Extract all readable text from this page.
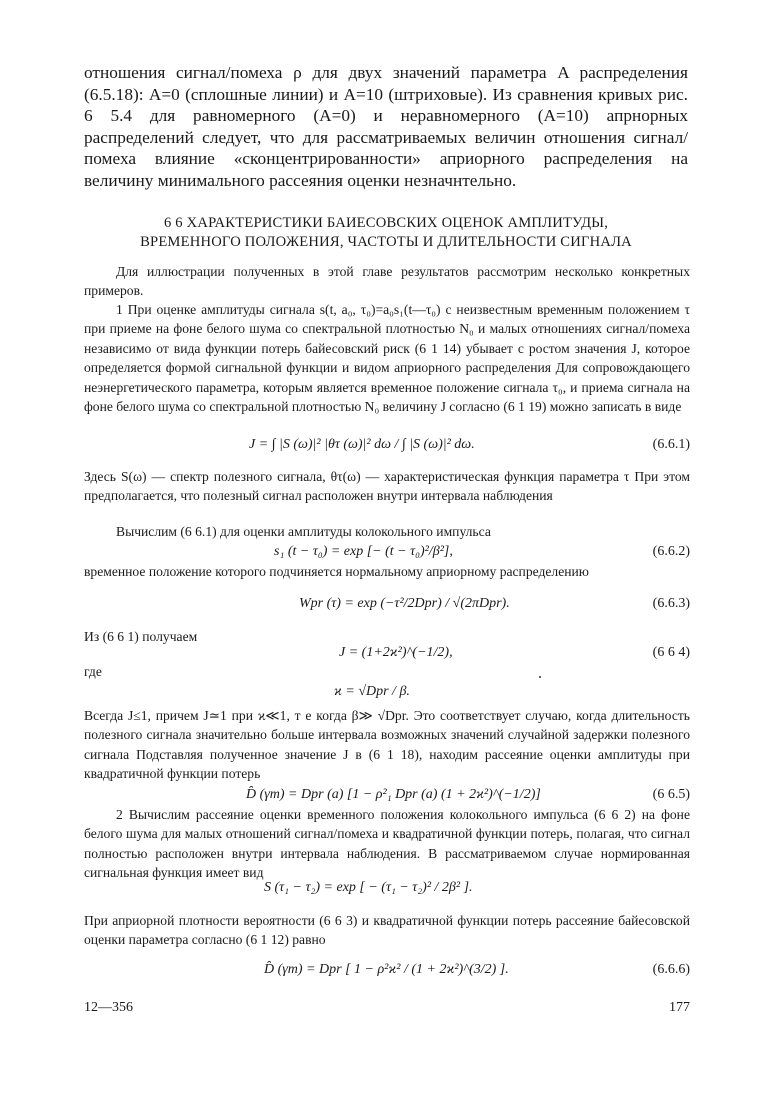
отношения сигнал/помеха ρ для двух значений параметра A распределения (6.5.18): A=0 (сплошные линии) и A=10 (штриховые). Из сравнения кривых рис. 6 5.4 для равномерного (A=0) и неравномерного (A=10) апрнорных распределений следует, что для рассматриваемых величин отношения сигнал/помеха влияние «сконцентрированности» априорного распределения на величину минимального рассеяния оценки незначнтельно.
6 6 ХАРАКТЕРИСТИКИ БАИЕСОВСКИХ ОЦЕНОК АМПЛИТУДЫ,
ВРЕМЕННОГО ПОЛОЖЕНИЯ, ЧАСТОТЫ И ДЛИТЕЛЬНОСТИ СИГНАЛА
Для иллюстрации полученных в этой главе результатов рассмотрим несколько конкретных примеров.
1 При оценке амплитуды сигнала s(t, a₀, τ₀)=a₀s₁(t—τ₀) с неизвестным временным положением τ при приеме на фоне белого шума со спектральной плотностью N₀ и малых отношениях сигнал/помеха независимо от вида функции потерь байесовский риск (6 1 14) убывает с ростом значения J, которое определяется формой сигнальной функции и видом априорного распределения Для сопровождающего неэнергетического параметра, которым является временное положение сигнала τ₀, и приема сигнала на фоне белого шума со спектральной плотностью N₀ величину J согласно (6 1 19) можно записать в виде
J = ∫ |S (ω)|² |θτ (ω)|² dω / ∫ |S (ω)|² dω.	(6.6.1)
Здесь S(ω) — спектр полезного сигнала, θτ(ω) — характеристическая функция параметра τ При этом предполагается, что полезный сигнал расположен внутри интервала наблюдения
Вычислим (6 6.1) для оценки амплитуды колокольного импульса
s₁ (t − τ₀) = exp [− (t − τ₀)²/β²],	(6.6.2)
временное положение которого подчиняется нормальному априорному распределению
Wpr (τ) = exp (−τ²/2Dpr) / √(2πDpr).	(6.6.3)
Из (6 6 1) получаем
J = (1+2ϰ²)^(−1/2),	(6 6 4)
где
ϰ = √Dpr / β.
Всегда J≤1, причем J≃1 при ϰ≪1, т е когда β≫ √Dpr. Это соответствует случаю, когда длительность полезного сигнала значительно больше интервала возможных значений случайной задержки полезного сигнала Подставляя полученное значение J в (6 1 18), находим рассеяние оценки амплитуды при квадратичной функции потерь
D̂ (γm) = Dpr (a) [1 − ρ²₁ Dpr (a) (1 + 2ϰ²)^(−1/2)]	(6 6.5)
2 Вычислим рассеяние оценки временного положения колокольного импульса (6 6 2) на фоне белого шума для малых отношений сигнал/помеха и квадратичной функции потерь, полагая, что сигнал полностью расположен внутри интервала наблюдения. В рассматриваемом случае нормированная сигнальная функция имеет вид
S (τ₁ − τ₂) = exp [ − (τ₁ − τ₂)² / 2β² ].
При априорной плотности вероятности (6 6 3) и квадратичной функции потерь рассеяние байесовской оценки параметра согласно (6 1 12) равно
D̂ (γm) = Dpr [ 1 − ρ²ϰ² / (1 + 2ϰ²)^(3/2) ].	(6.6.6)
12—356	177
